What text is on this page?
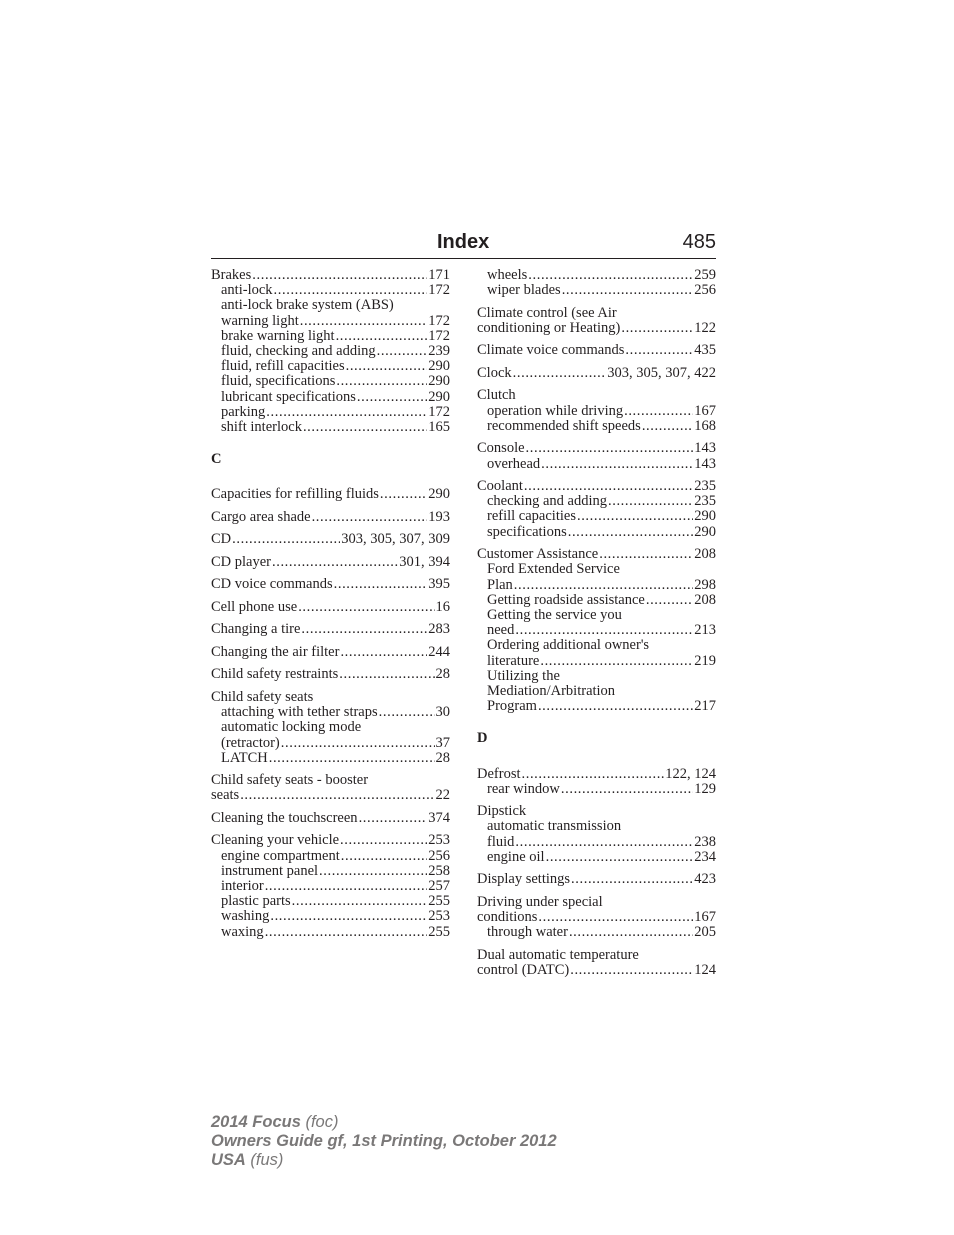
Index	485
Brakes .....	171
anti-lock .....	172
anti-lock brake system (ABS)
warning light .....	172
brake warning light .....	172
fluid, checking and adding .....	239
fluid, refill capacities .....	290
fluid, specifications .....	290
lubricant specifications .....	290
parking .....	172
shift interlock .....	165
C
Capacities for refilling fluids .....	290
Cargo area shade .....	193
CD .....	303, 305, 307, 309
CD player .....	301, 394
CD voice commands .....	395
Cell phone use .....	16
Changing a tire .....	283
Changing the air filter .....	244
Child safety restraints .....	28
Child safety seats
attaching with tether straps .....	30
automatic locking mode
(retractor) .....	37
LATCH .....	28
Child safety seats - booster
seats .....	22
Cleaning the touchscreen .....	374
Cleaning your vehicle .....	253
engine compartment .....	256
instrument panel .....	258
interior .....	257
plastic parts .....	255
washing .....	253
waxing .....	255
wheels .....	259
wiper blades .....	256
Climate control (see Air
conditioning or Heating) .....	122
Climate voice commands .....	435
Clock .....	303, 305, 307, 422
Clutch
operation while driving .....	167
recommended shift speeds .....	168
Console .....	143
overhead .....	143
Coolant .....	235
checking and adding .....	235
refill capacities .....	290
specifications .....	290
Customer Assistance .....	208
Ford Extended Service
Plan .....	298
Getting roadside assistance .....	208
Getting the service you
need .....	213
Ordering additional owner's
literature .....	219
Utilizing the
Mediation/Arbitration
Program .....	217
D
Defrost .....	122, 124
rear window .....	129
Dipstick
automatic transmission
fluid .....	238
engine oil .....	234
Display settings .....	423
Driving under special
conditions .....	167
through water .....	205
Dual automatic temperature
control (DATC) .....	124
2014 Focus (foc)
Owners Guide gf, 1st Printing, October 2012
USA (fus)
